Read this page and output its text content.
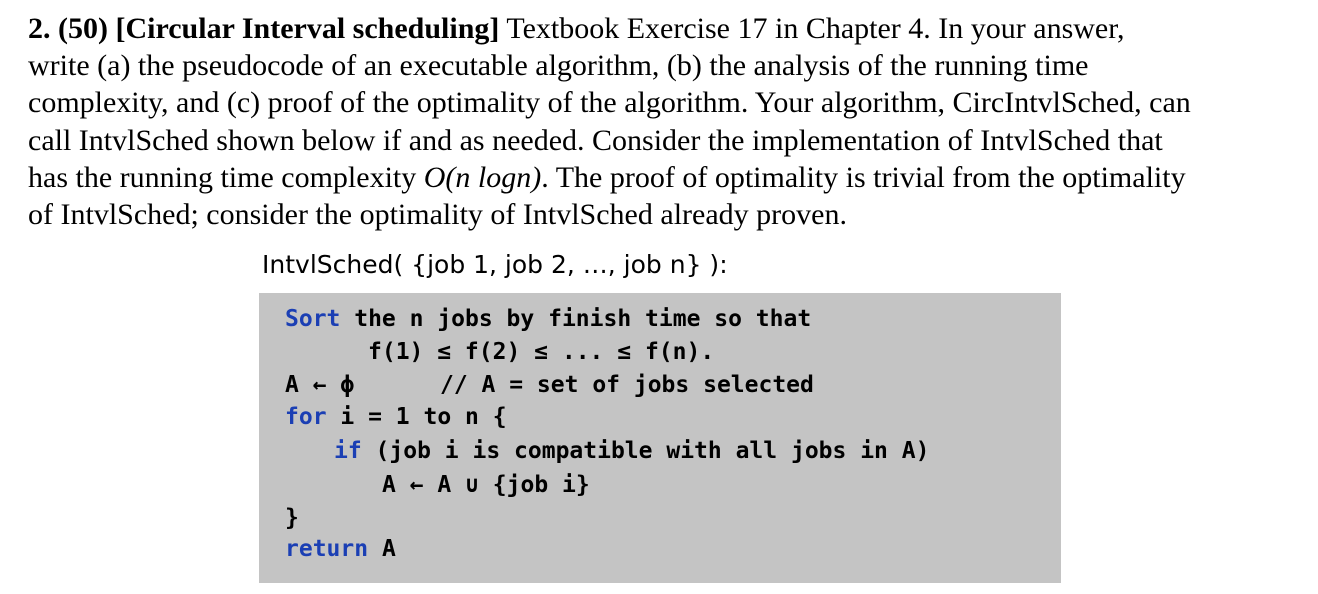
2. (50) [Circular Interval scheduling] Textbook Exercise 17 in Chapter 4. In your answer,
write (a) the pseudocode of an executable algorithm, (b) the analysis of the running time
complexity, and (c) proof of the optimality of the algorithm. Your algorithm, CircIntvlSched, can
call IntvlSched shown below if and as needed. Consider the implementation of IntvlSched that
has the running time complexity O(n logn). The proof of optimality is trivial from the optimality
of IntvlSched; consider the optimality of IntvlSched already proven.
IntvlSched( {job 1, job 2, …, job n} ):

Sort the n jobs by finish time so that

f(1) ≤ f(2) ≤ ... ≤ f(n).

A ← ϕ

	// A = set of jobs selected

for i = 1 to n {

if (job i is compatible with all jobs in A)

A ← A ∪ {job i}

}

return A
